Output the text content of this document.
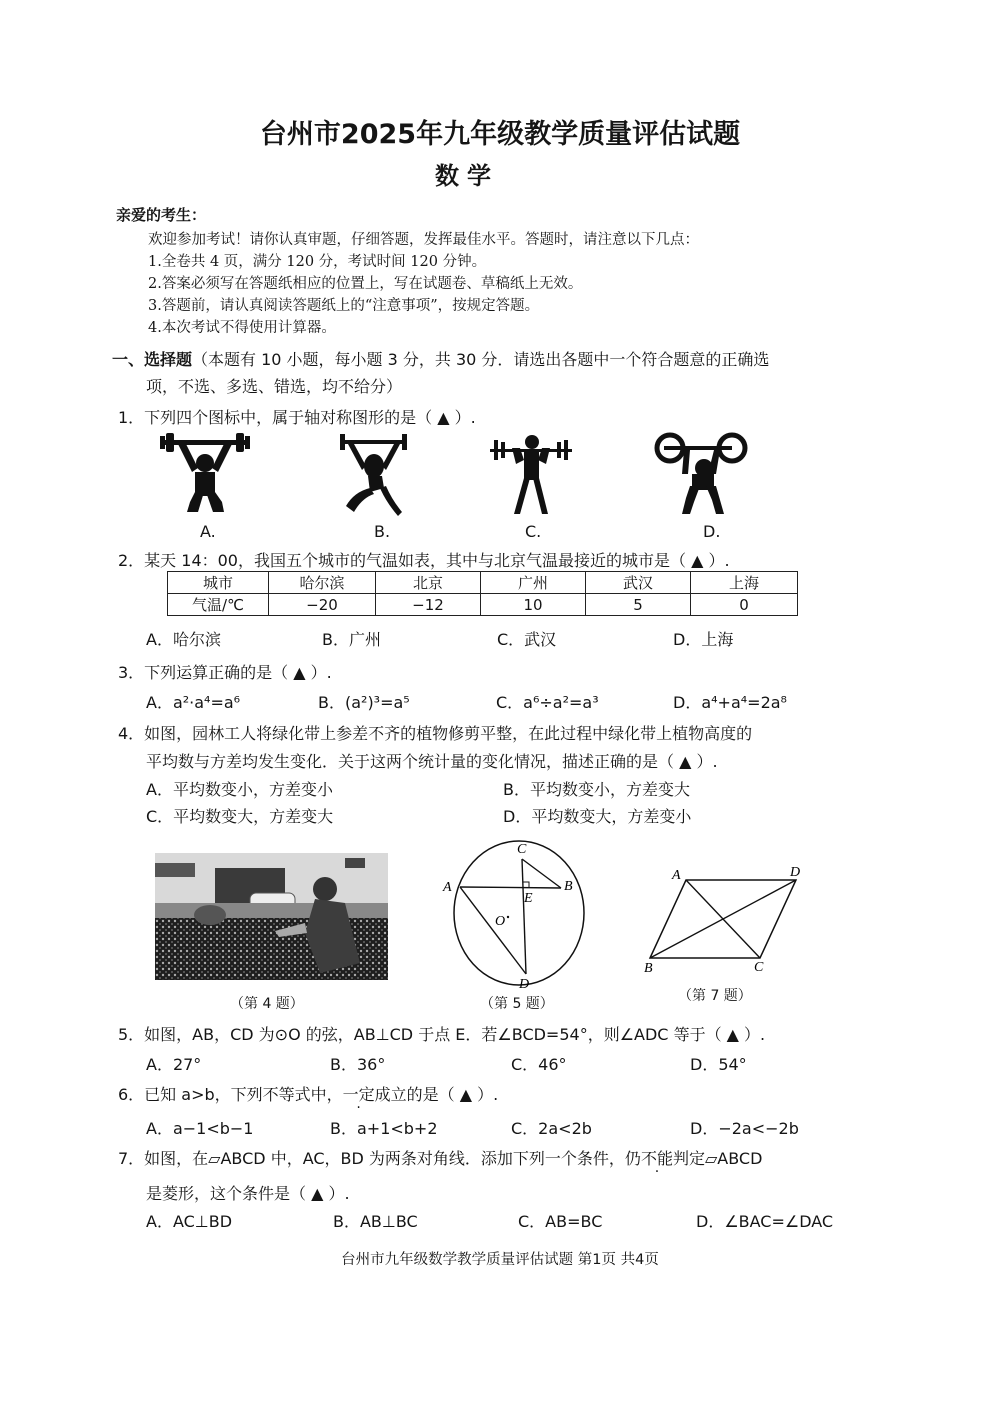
台州市2025年九年级教学质量评估试题
数学
亲爱的考生：
欢迎参加考试！请你认真审题，仔细答题，发挥最佳水平。答题时，请注意以下几点：
1.全卷共 4 页，满分 120 分，考试时间 120 分钟。
2.答案必须写在答题纸相应的位置上，写在试题卷、草稿纸上无效。
3.答题前，请认真阅读答题纸上的“注意事项”，按规定答题。
4.本次考试不得使用计算器。
一、选择题（本题有 10 小题，每小题 3 分，共 30 分．请选出各题中一个符合题意的正确选
项，不选、多选、错选，均不给分）
1．下列四个图标中，属于轴对称图形的是（ ▲ ）.
A.	B.	C.	D.
2．某天 14：00，我国五个城市的气温如表，其中与北京气温最接近的城市是（ ▲ ）.
城市	哈尔滨	北京	广州	武汉	上海
气温/℃	−20	−12	10	5	0
A．哈尔滨	B．广州	C．武汉	D．上海
3．下列运算正确的是（ ▲ ）.
A．a²·a⁴=a⁶	B．(a²)³=a⁵	C．a⁶÷a²=a³	D．a⁴+a⁴=2a⁸
4．如图，园林工人将绿化带上参差不齐的植物修剪平整，在此过程中绿化带上植物高度的
平均数与方差均发生变化．关于这两个统计量的变化情况，描述正确的是（ ▲ ）.
A．平均数变小，方差变小	B．平均数变小，方差变大
C．平均数变大，方差变大	D．平均数变大，方差变小
（第 4 题）
A	B
C
D
E
O
（第 5 题）
A	D
B	C
（第 7 题）
5．如图，AB，CD 为⊙O 的弦，AB⊥CD 于点 E．若∠BCD=54°，则∠ADC 等于（ ▲ ）.
A．27°	B．36°	C．46°	D．54°
6．已知 a>b，下列不等式中，一定成立的是（ ▲ ）.
A．a−1<b−1	B．a+1<b+2	C．2a<2b	D．−2a<−2b
7．如图，在▱ABCD 中，AC，BD 为两条对角线．添加下列一个条件，仍不能判定▱ABCD
是菱形，这个条件是（ ▲ ）.
A．AC⊥BD	B．AB⊥BC	C．AB=BC	D．∠BAC=∠DAC
台州市九年级数学教学质量评估试题 第1页 共4页
